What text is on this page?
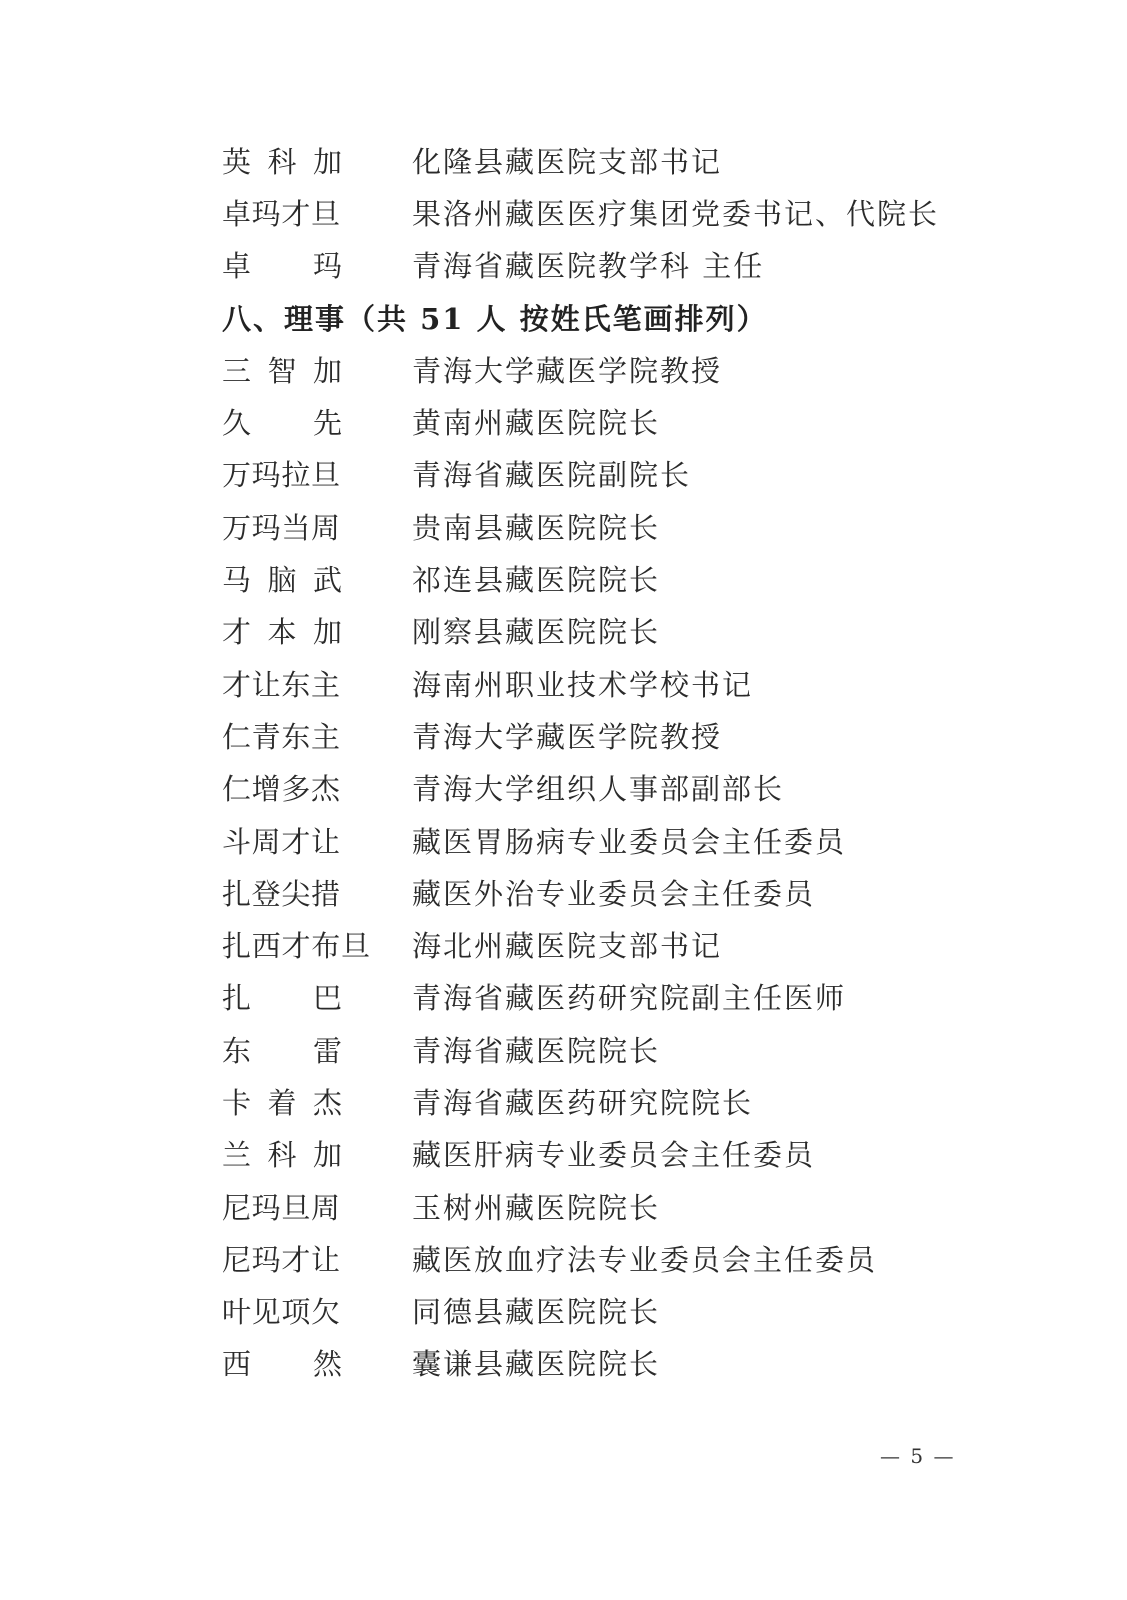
英 科 加 化隆县藏医院支部书记
卓 玛 才 旦 果洛州藏医医疗集团党委书记、代院长
卓 玛 青海省藏医院教学科 主任
八、理事（共 51 人 按姓氏笔画排列）
三 智 加 青海大学藏医学院教授
久 先 黄南州藏医院院长
万 玛 拉 旦 青海省藏医院副院长
万 玛 当 周 贵南县藏医院院长
马 脑 武 祁连县藏医院院长
才 本 加 刚察县藏医院院长
才 让 东 主 海南州职业技术学校书记
仁 青 东 主 青海大学藏医学院教授
仁 增 多 杰 青海大学组织人事部副部长
斗 周 才 让 藏医胃肠病专业委员会主任委员
扎 登 尖 措 藏医外治专业委员会主任委员
扎 西 才 布 旦 海北州藏医院支部书记
扎 巴 青海省藏医药研究院副主任医师
东 雷 青海省藏医院院长
卡 着 杰 青海省藏医药研究院院长
兰 科 加 藏医肝病专业委员会主任委员
尼 玛 旦 周 玉树州藏医院院长
尼 玛 才 让 藏医放血疗法专业委员会主任委员
叶 见 项 欠 同德县藏医院院长
西 然 囊谦县藏医院院长
— 5 —
